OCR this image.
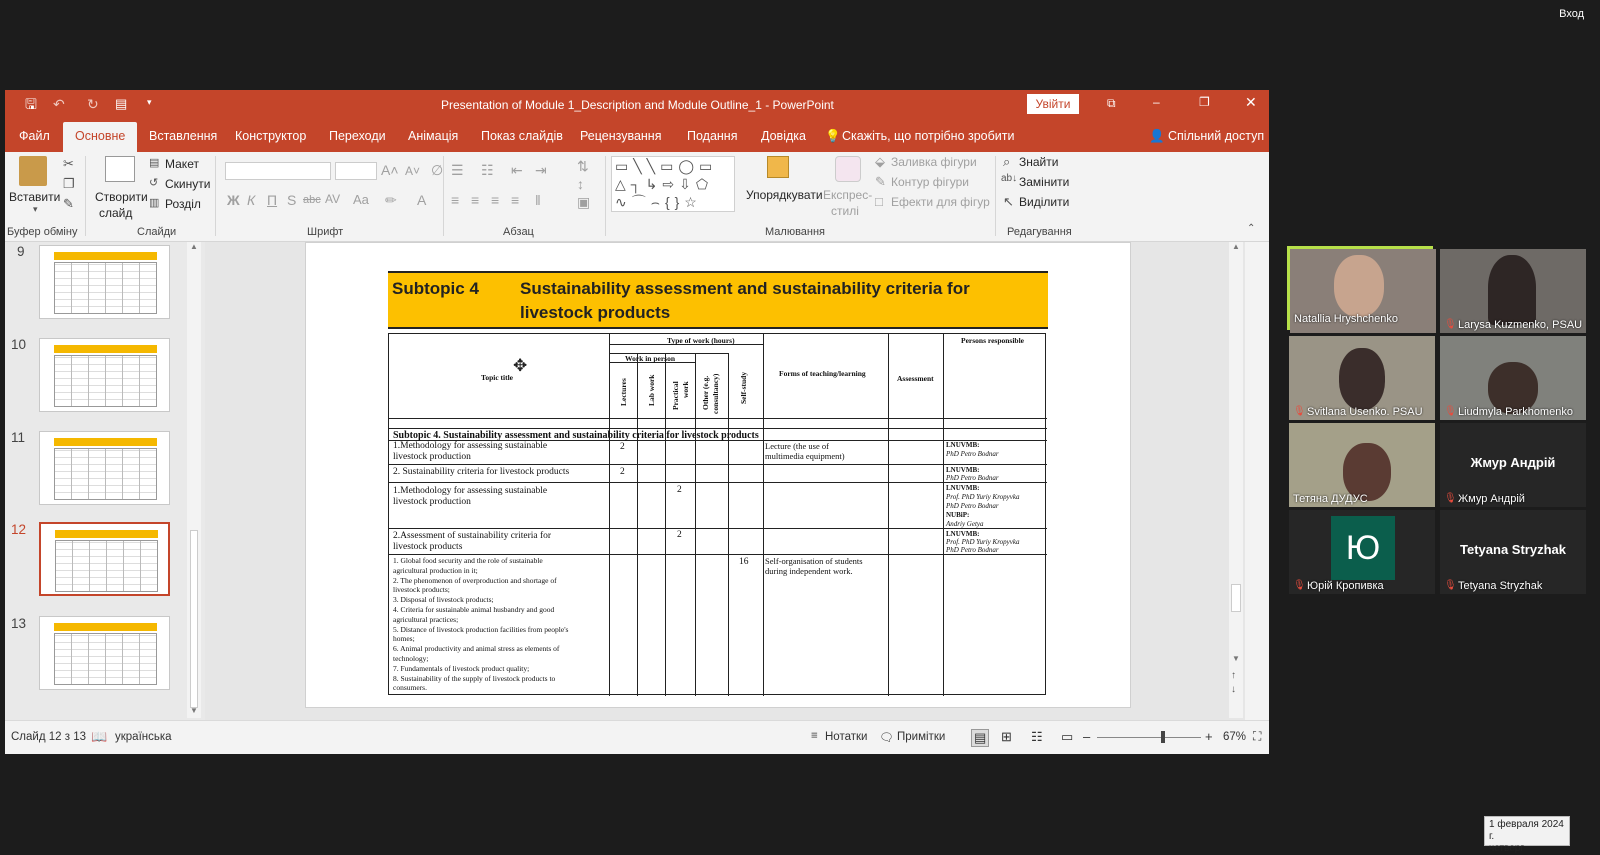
Вход
🖫 ↶ ↻ ▤ ▾	Presentation of Module 1_Description and Module Outline_1 - PowerPoint	Увійти	⧉	–	❐	✕
Файл	Основне	Вставлення Конструктор Переходи Анімація Показ слайдів Рецензування Подання Довідка 💡 Скажіть, що потрібно зробити	👤 Спільний доступ
Вставити
▾
✂
❐
✎
Буфер обміну
Створити
слайд
▤ Макет
↺ Скинути
▥ Розділ
Слайди
A˄ A˅ ∅
Ж К П S abc AV Aa ✏ A
Шрифт
☰ ☷ ⇤ ⇥
≡ ≡ ≡ ≡ ‖
⇅
↕
▣
Абзац
▭╲╲▭◯▭
△┐↳⇨⇩⬠
∿⌒⌢{}☆	Упорядкувати Експрес-
стилі
⬙ Заливка фігури
✎ Контур фігури
□ Ефекти для фігур
Малювання
⌕ Знайти
ab↓ Замінити
↖ Виділити
Редагування	⌃
9
10
11
12
13
▲
▼
Subtopic 4 Sustainability assessment and sustainability criteria for
livestock products
Type of work (hours)	Persons responsible
Work in person
Topic title
✥	Forms of teaching/learning
Assessment
Lectures	Lab work Practical work Other (e.g. consultancy)	Self-study
Subtopic 4. Sustainability assessment and sustainability criteria for livestock products
1.Methodology for assessing sustainable
livestock production
2	Lecture (the use of
multimedia equipment)
LNUVMB:
PhD Petro Bodnar
2. Sustainability criteria for livestock products	2	LNUVMB:
PhD Petro Bodnar
1.Methodology for assessing sustainable
livestock production
2	LNUVMB:
Prof. PhD Yuriy Kropyvka
PhD Petro Bodnar
NUBiP:
Andriy Getya
2.Assessment of sustainability criteria for
livestock products
2	LNUVMB:
Prof. PhD Yuriy Kropyvka
PhD Petro Bodnar
16 Self-organisation of students
during independent work.
1. Global food security and the role of sustainable
agricultural production in it;
2. The phenomenon of overproduction and shortage of
livestock products;
3. Disposal of livestock products;
4. Criteria for sustainable animal husbandry and good
agricultural practices;
5. Distance of livestock production facilities from people's
homes;
6. Animal productivity and animal stress as elements of
technology;
7. Fundamentals of livestock product quality;
8. Sustainability of the supply of livestock products to
consumers.
▲
▼
↑
↓
Слайд 12 з 13 📖 українська	≡ Нотатки 🗨 Примітки ▤ ⊞ ☷ ▭ –	+ 67% ⛶
Natallia Hryshchenko	🎙 Larysa Kuzmenko, PSAU
🎙 Svitlana Usenko. PSAU 🎙 Liudmyla Parkhomenko
Тетяна ДУДУС
Жмур Андрій
🎙 Жмур Андрій
Ю
🎙 Юрій Кропивка
Tetyana Stryzhak
🎙 Tetyana Stryzhak
1 февраля 2024 г.
четверг
